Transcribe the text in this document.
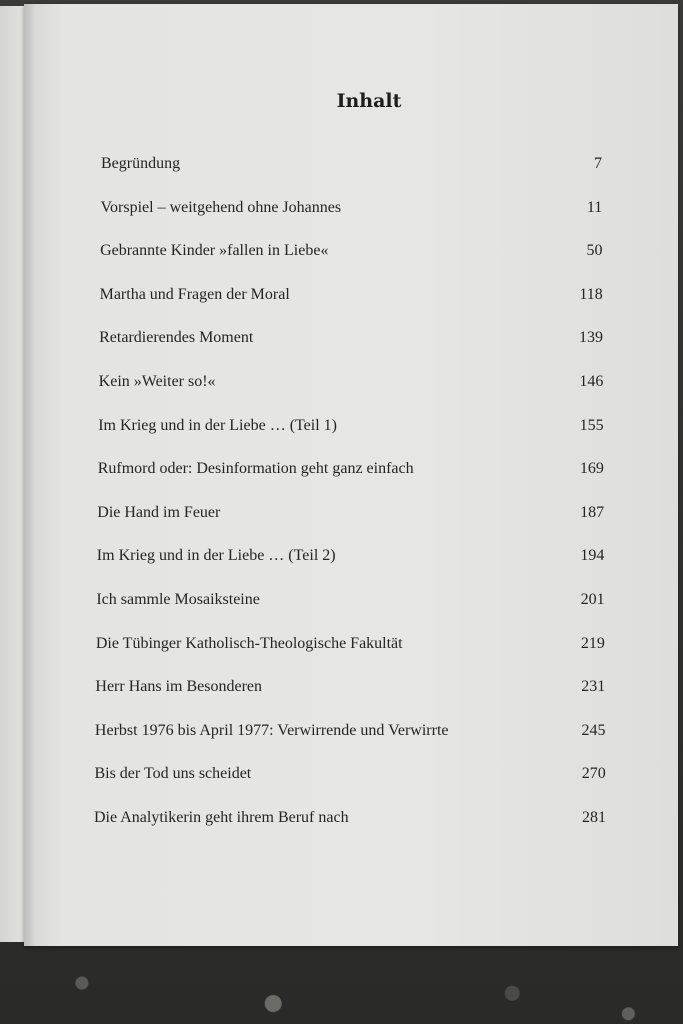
Inhalt
Begründung	7
Vorspiel – weitgehend ohne Johannes	11
Gebrannte Kinder »fallen in Liebe«	50
Martha und Fragen der Moral	118
Retardierendes Moment	139
Kein »Weiter so!«	146
Im Krieg und in der Liebe … (Teil 1)	155
Rufmord oder: Desinformation geht ganz einfach	169
Die Hand im Feuer	187
Im Krieg und in der Liebe … (Teil 2)	194
Ich sammle Mosaiksteine	201
Die Tübinger Katholisch-Theologische Fakultät	219
Herr Hans im Besonderen	231
Herbst 1976 bis April 1977: Verwirrende und Verwirrte	245
Bis der Tod uns scheidet	270
Die Analytikerin geht ihrem Beruf nach	281
